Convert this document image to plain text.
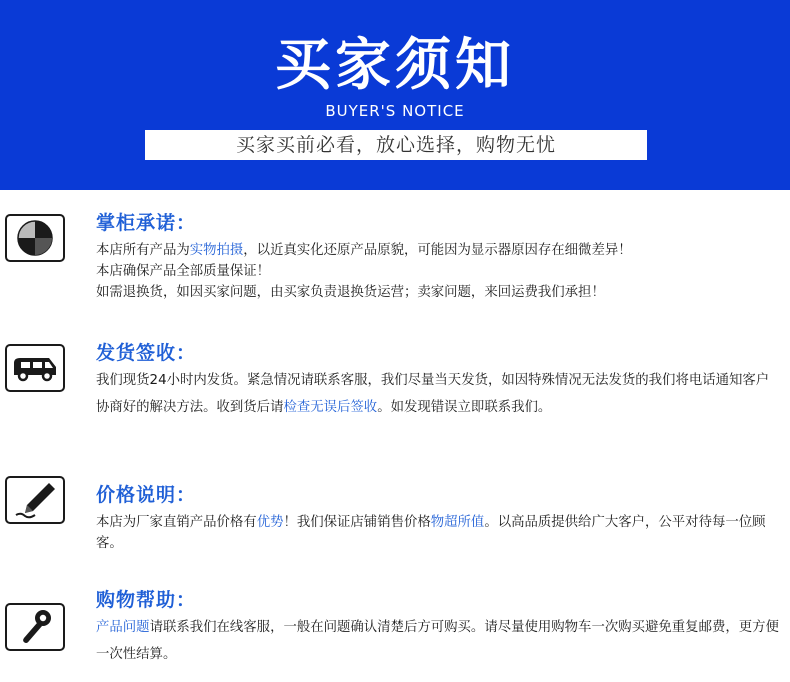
买家须知
BUYER'S NOTICE
买家买前必看，放心选择，购物无忧
掌柜承诺：
本店所有产品为实物拍摄，以近真实化还原产品原貌，可能因为显示器原因存在细微差异！
本店确保产品全部质量保证！
如需退换货，如因买家问题，由买家负责退换货运营；卖家问题，来回运费我们承担！
发货签收：
我们现货24小时内发货。紧急情况请联系客服，我们尽量当天发货，如因特殊情况无法发货的我们将电话通知客户协商好的解决方法。收到货后请检查无误后签收。如发现错误立即联系我们。
价格说明：
本店为厂家直销产品价格有优势！我们保证店铺销售价格物超所值。以高品质提供给广大客户，公平对待每一位顾客。
购物帮助：
产品问题请联系我们在线客服，一般在问题确认清楚后方可购买。请尽量使用购物车一次购买避免重复邮费，更方便一次性结算。
